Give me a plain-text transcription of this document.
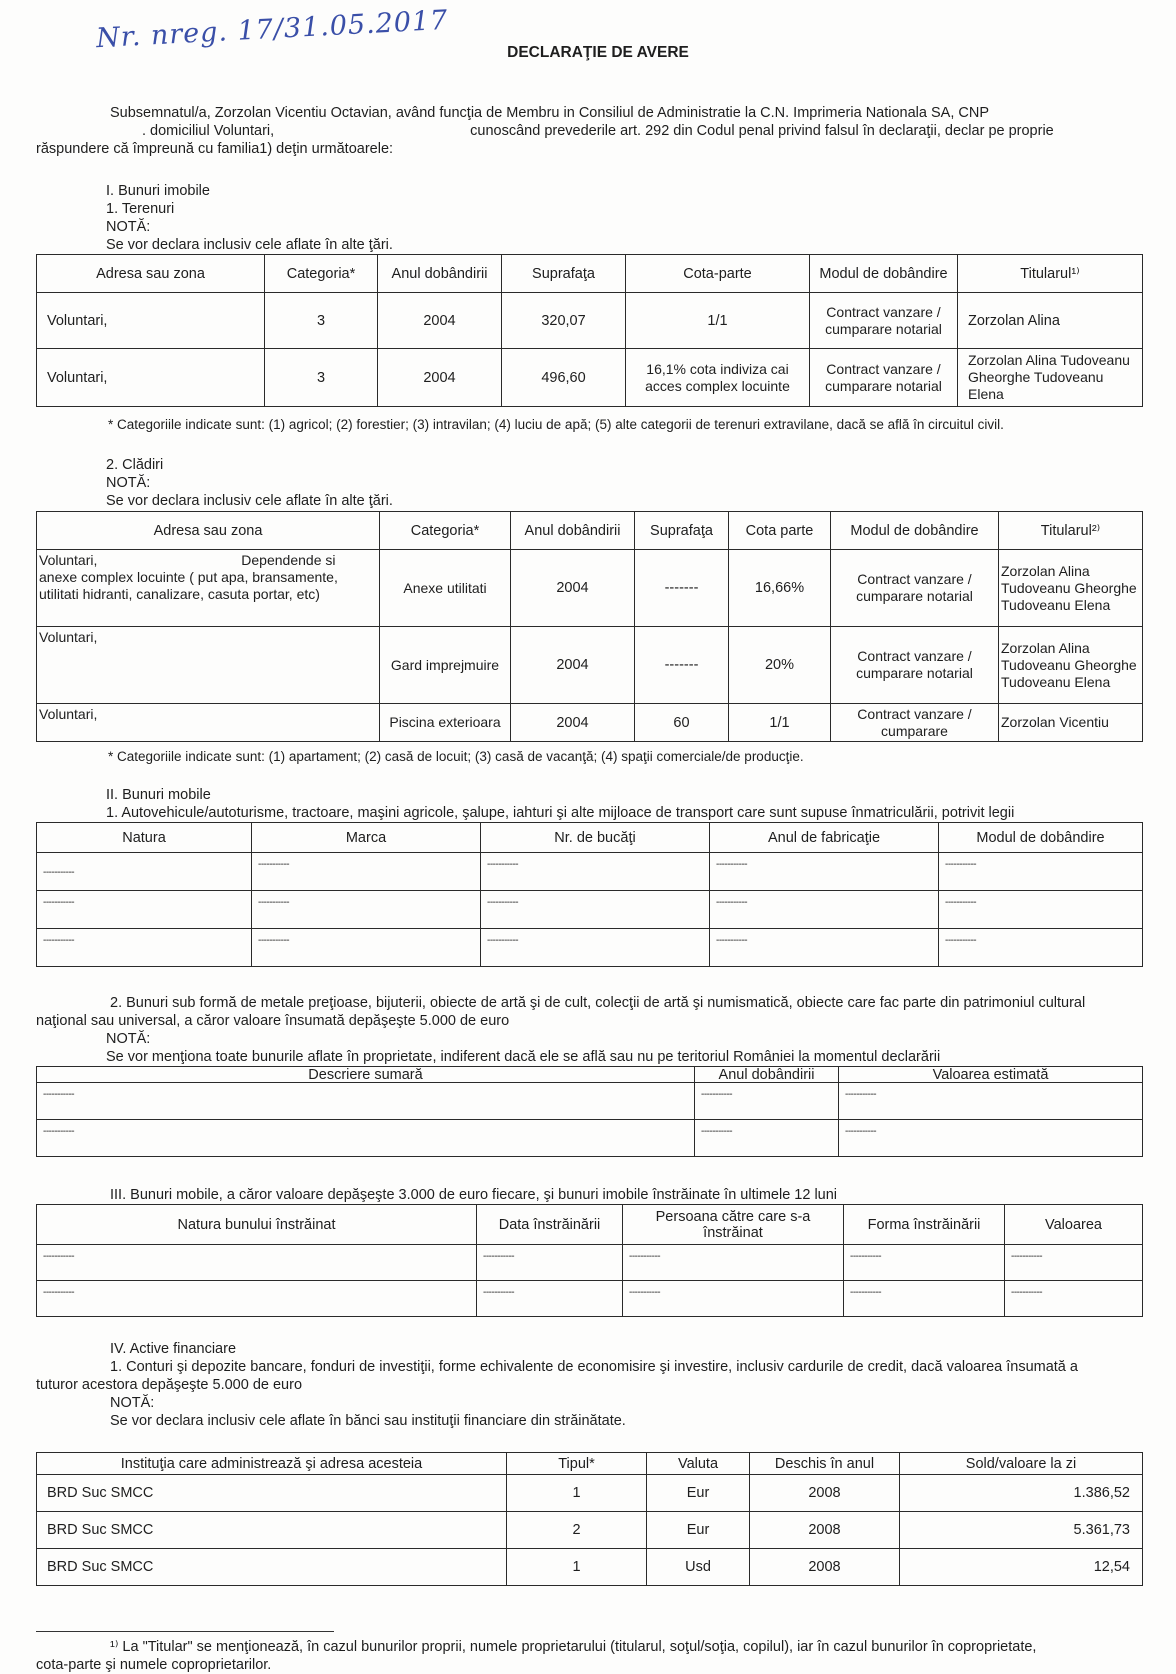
Nr. nreg. 17/31.05.2017	DECLARAŢIE DE AVERE
Subsemnatul/a, Zorzolan Vicentiu Octavian, având funcţia de Membru in Consiliul de Administratie la C.N. Imprimeria Nationala SA, CNP
. domiciliul Voluntari,	cunoscând prevederile art. 292 din Codul penal privind falsul în declaraţii, declar pe proprie
răspundere că împreună cu familia1) deţin următoarele:
I. Bunuri imobile
1. Terenuri
NOTĂ:
Se vor declara inclusiv cele aflate în alte ţări.
Adresa sau zona	Categoria*	Anul dobândirii	Suprafaţa	Cota-parte	Modul de dobândire	Titularul¹⁾
Voluntari,	3	2004	320,07	1/1	Contract vanzare / cumparare notarial	Zorzolan Alina
Voluntari,	3	2004	496,60	16,1% cota indiviza cai acces complex locuinte	Contract vanzare / cumparare notarial	Zorzolan Alina Tudoveanu Gheorghe Tudoveanu Elena
* Categoriile indicate sunt: (1) agricol; (2) forestier; (3) intravilan; (4) luciu de apă; (5) alte categorii de terenuri extravilane, dacă se află în circuitul civil.
2. Clădiri
NOTĂ:
Se vor declara inclusiv cele aflate în alte ţări.
Adresa sau zona	Categoria*	Anul dobândirii	Suprafaţa	Cota parte	Modul de dobândire	Titularul²⁾
Voluntari,                                     Dependende si anexe complex locuinte ( put apa, bransamente, utilitati hidranti, canalizare, casuta portar, etc)	Anexe utilitati	2004	-------	16,66%	Contract vanzare / cumparare notarial	Zorzolan Alina Tudoveanu Gheorghe Tudoveanu Elena
Voluntari,	Gard imprejmuire	2004	-------	20%	Contract vanzare / cumparare notarial	Zorzolan Alina Tudoveanu Gheorghe Tudoveanu Elena
Voluntari,	Piscina exterioara	2004	60	1/1	Contract vanzare / cumparare	Zorzolan Vicentiu
* Categoriile indicate sunt: (1) apartament; (2) casă de locuit; (3) casă de vacanţă; (4) spaţii comerciale/de producţie.
II. Bunuri mobile
1. Autovehicule/autoturisme, tractoare, maşini agricole, şalupe, iahturi şi alte mijloace de transport care sunt supuse înmatriculării, potrivit legii
Natura	Marca	Nr. de bucăţi	Anul de fabricaţie	Modul de dobândire
-----------	-----------	-----------	-----------	-----------
-----------	-----------	-----------	-----------	-----------
-----------	-----------	-----------	-----------	-----------
2. Bunuri sub formă de metale preţioase, bijuterii, obiecte de artă şi de cult, colecţii de artă şi numismatică, obiecte care fac parte din patrimoniul cultural
naţional sau universal, a căror valoare însumată depăşeşte 5.000 de euro
NOTĂ:
Se vor menţiona toate bunurile aflate în proprietate, indiferent dacă ele se află sau nu pe teritoriul României la momentul declarării
Descriere sumară	Anul dobândirii	Valoarea estimată
-----------	-----------	-----------
-----------	-----------	-----------
III. Bunuri mobile, a căror valoare depăşeşte 3.000 de euro fiecare, şi bunuri imobile înstrăinate în ultimele 12 luni
Natura bunului înstrăinat	Data înstrăinării	Persoana către care s-a înstrăinat	Forma înstrăinării	Valoarea
-----------	-----------	-----------	-----------	-----------
-----------	-----------	-----------	-----------	-----------
IV. Active financiare
1. Conturi şi depozite bancare, fonduri de investiţii, forme echivalente de economisire şi investire, inclusiv cardurile de credit, dacă valoarea însumată a
tuturor acestora depăşeşte 5.000 de euro
NOTĂ:
Se vor declara inclusiv cele aflate în bănci sau instituţii financiare din străinătate.
Instituţia care administrează şi adresa acesteia	Tipul*	Valuta	Deschis în anul	Sold/valoare la zi
BRD Suc SMCC	1	Eur	2008	1.386,52
BRD Suc SMCC	2	Eur	2008	5.361,73
BRD Suc SMCC	1	Usd	2008	12,54
¹⁾ La "Titular" se menţionează, în cazul bunurilor proprii, numele proprietarului (titularul, soţul/soţia, copilul), iar în cazul bunurilor în coproprietate,
cota-parte şi numele coproprietarilor.
